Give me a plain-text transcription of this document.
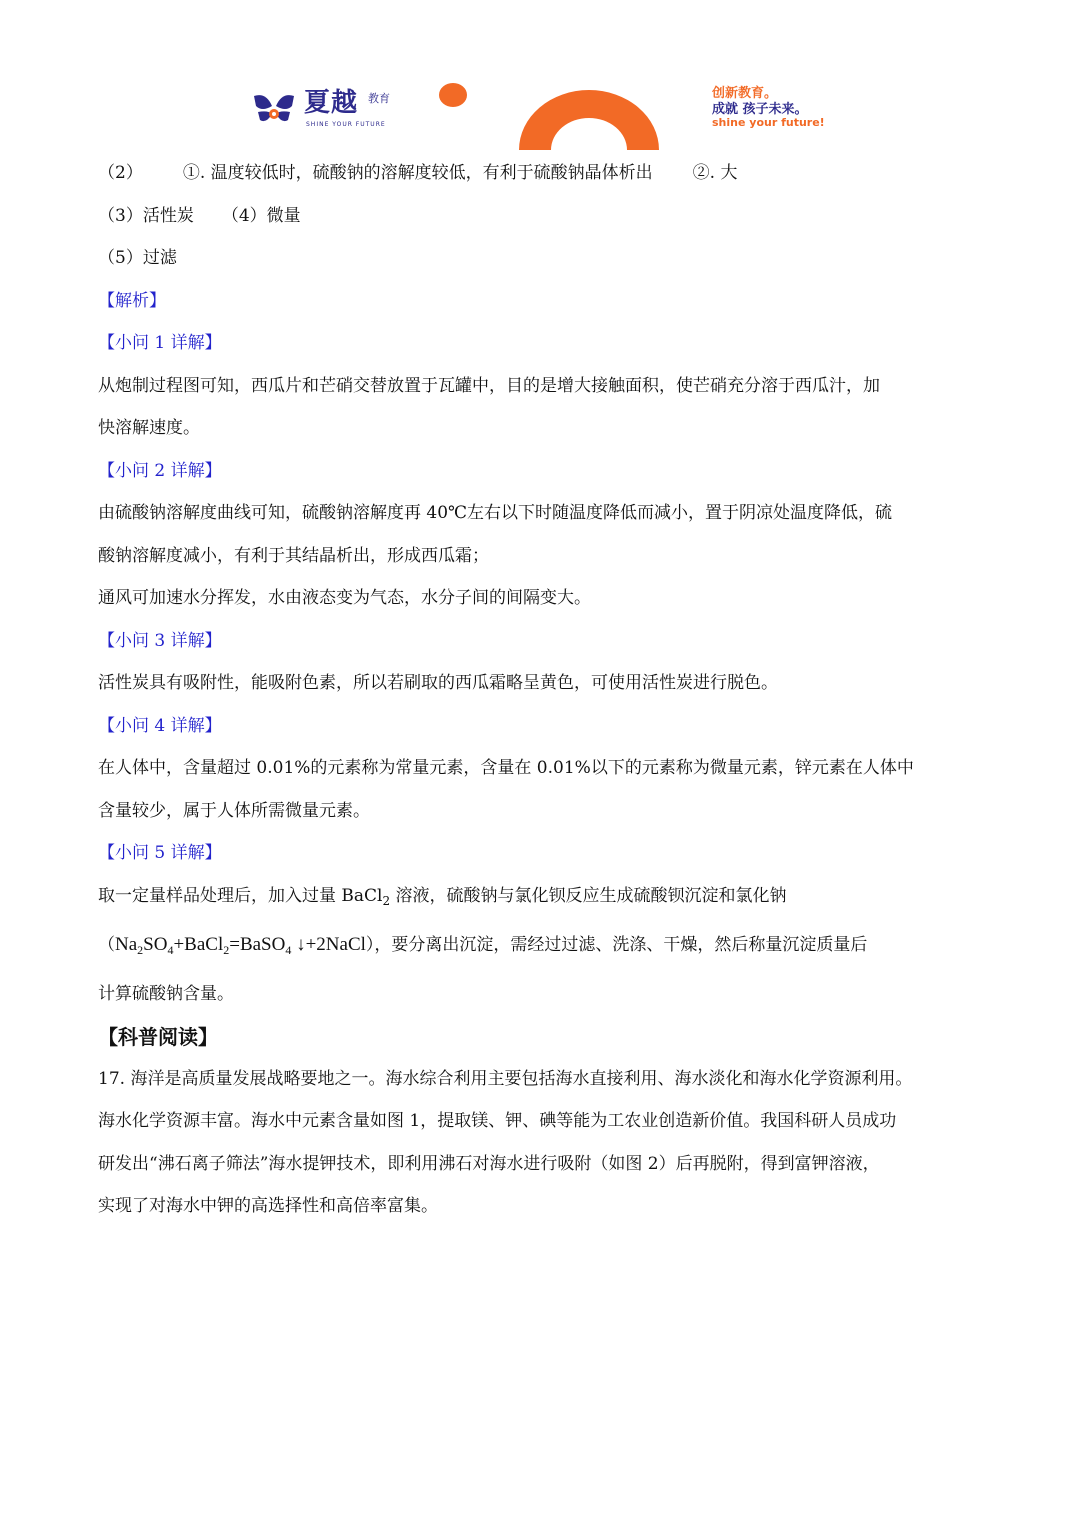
夏越 教育
SHINE YOUR FUTURE
创新教育。
成就 孩子未来。
shine your future!
（2） ①. 温度较低时，硫酸钠的溶解度较低，有利于硫酸钠晶体析出 ②. 大
（3）活性炭 （4）微量
（5）过滤
【解析】
【小问 1 详解】
从炮制过程图可知，西瓜片和芒硝交替放置于瓦罐中，目的是增大接触面积，使芒硝充分溶于西瓜汁，加
快溶解速度。
【小问 2 详解】
由硫酸钠溶解度曲线可知，硫酸钠溶解度再 40℃左右以下时随温度降低而减小，置于阴凉处温度降低，硫
酸钠溶解度减小，有利于其结晶析出，形成西瓜霜；
通风可加速水分挥发，水由液态变为气态，水分子间的间隔变大。
【小问 3 详解】
活性炭具有吸附性，能吸附色素，所以若刷取的西瓜霜略呈黄色，可使用活性炭进行脱色。
【小问 4 详解】
在人体中，含量超过 0.01%的元素称为常量元素，含量在 0.01%以下的元素称为微量元素，锌元素在人体中
含量较少，属于人体所需微量元素。
【小问 5 详解】
取一定量样品处理后，加入过量 BaCl$_2$ 溶液，硫酸钠与氯化钡反应生成硫酸钡沉淀和氯化钠
（$Na_2SO_4+BaCl_2=BaSO_4$ ↓+2NaCl），要分离出沉淀，需经过过滤、洗涤、干燥，然后称量沉淀质量后
计算硫酸钠含量。
【科普阅读】
17. 海洋是高质量发展战略要地之一。海水综合利用主要包括海水直接利用、海水淡化和海水化学资源利用。
海水化学资源丰富。海水中元素含量如图 1，提取镁、钾、碘等能为工农业创造新价值。我国科研人员成功
研发出“沸石离子筛法”海水提钾技术，即利用沸石对海水进行吸附（如图 2）后再脱附，得到富钾溶液，
实现了对海水中钾的高选择性和高倍率富集。
